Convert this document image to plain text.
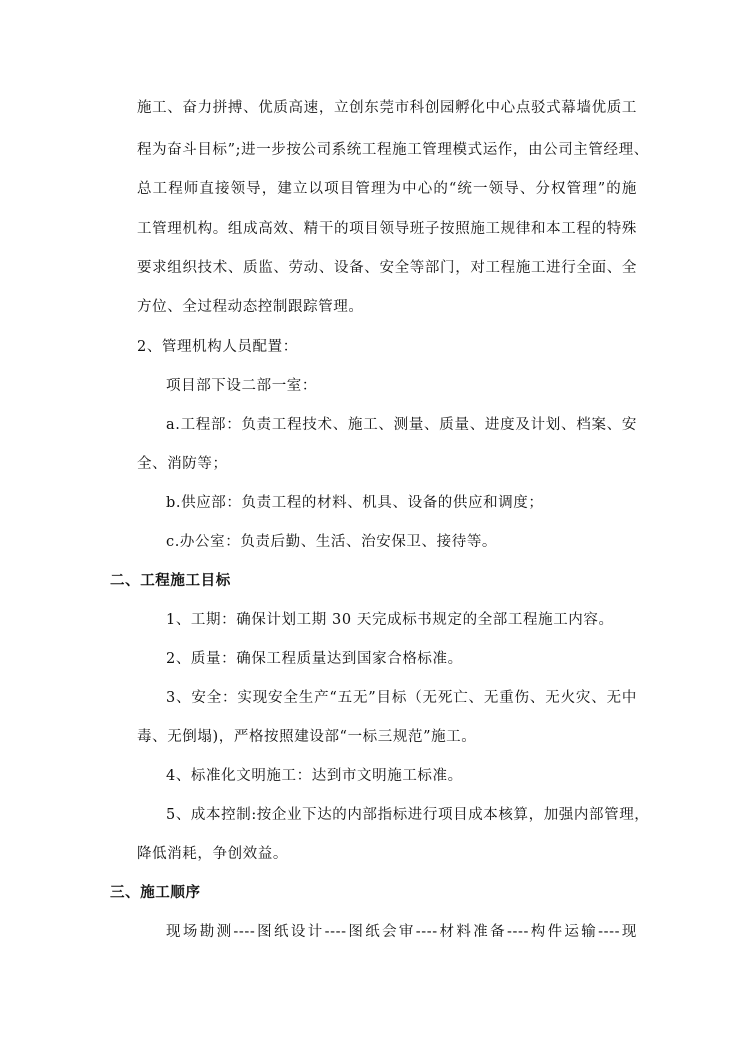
施工、奋力拼搏、优质高速，立创东莞市科创园孵化中心点驳式幕墙优质工
程为奋斗目标”;进一步按公司系统工程施工管理模式运作，由公司主管经理、
总工程师直接领导，建立以项目管理为中心的“统一领导、分权管理”的施
工管理机构。组成高效、精干的项目领导班子按照施工规律和本工程的特殊
要求组织技术、质监、劳动、设备、安全等部门，对工程施工进行全面、全
方位、全过程动态控制跟踪管理。
2、管理机构人员配置：
项目部下设二部一室：
a.工程部：负责工程技术、施工、测量、质量、进度及计划、档案、安
全、消防等；
b.供应部：负责工程的材料、机具、设备的供应和调度；
c.办公室：负责后勤、生活、治安保卫、接待等。
二、工程施工目标
1、工期：确保计划工期 30 天完成标书规定的全部工程施工内容。
2、质量：确保工程质量达到国家合格标准。
3、安全：实现安全生产“五无”目标（无死亡、无重伤、无火灾、无中
毒、无倒塌)，严格按照建设部“一标三规范”施工。
4、标准化文明施工：达到市文明施工标准。
5、成本控制:按企业下达的内部指标进行项目成本核算，加强内部管理，
降低消耗，争创效益。
三、施工顺序
现场勘测----图纸设计----图纸会审----材料准备----构件运输----现
